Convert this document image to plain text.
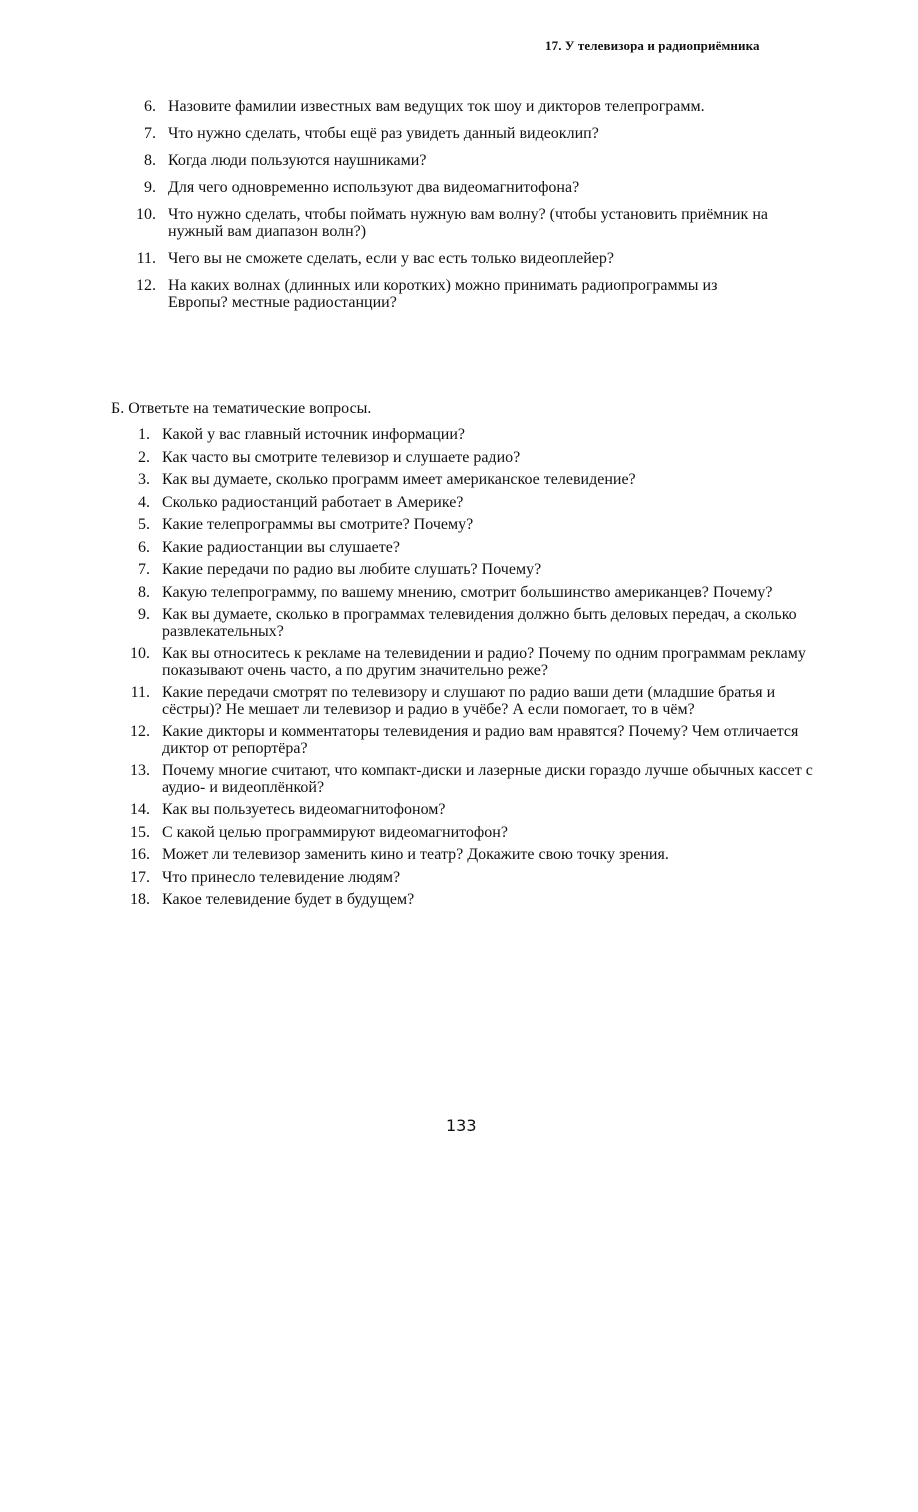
17. У телевизора и радиоприёмника
6. Назовите фамилии известных вам ведущих ток шоу и дикторов телепрограмм.
7. Что нужно сделать, чтобы ещё раз увидеть данный видеоклип?
8. Когда люди пользуются наушниками?
9. Для чего одновременно используют два видеомагнитофона?
10. Что нужно сделать, чтобы поймать нужную вам волну? (чтобы установить приёмник на нужный вам диапазон волн?)
11. Чего вы не сможете сделать, если у вас есть только видеоплейер?
12. На каких волнах (длинных или коротких) можно принимать радиопрограммы из Европы? местные радиостанции?
Б. Ответьте на тематические вопросы.
1. Какой у вас главный источник информации?
2. Как часто вы смотрите телевизор и слушаете радио?
3. Как вы думаете, сколько программ имеет американское телевидение?
4. Сколько радиостанций работает в Америке?
5. Какие телепрограммы вы смотрите? Почему?
6. Какие радиостанции вы слушаете?
7. Какие передачи по радио вы любите слушать? Почему?
8. Какую телепрограмму, по вашему мнению, смотрит большинство американцев? Почему?
9. Как вы думаете, сколько в программах телевидения должно быть деловых передач, а сколько развлекательных?
10. Как вы относитесь к рекламе на телевидении и радио? Почему по одним программам рекламу показывают очень часто, а по другим значительно реже?
11. Какие передачи смотрят по телевизору и слушают по радио ваши дети (младшие братья и сёстры)? Не мешает ли телевизор и радио в учёбе? А если помогает, то в чём?
12. Какие дикторы и комментаторы телевидения и радио вам нравятся? Почему? Чем отличается диктор от репортёра?
13. Почему многие считают, что компакт-диски и лазерные диски гораздо лучше обычных кассет с аудио- и видеоплёнкой?
14. Как вы пользуетесь видеомагнитофоном?
15. С какой целью программируют видеомагнитофон?
16. Может ли телевизор заменить кино и театр? Докажите свою точку зрения.
17. Что принесло телевидение людям?
18. Какое телевидение будет в будущем?
133
